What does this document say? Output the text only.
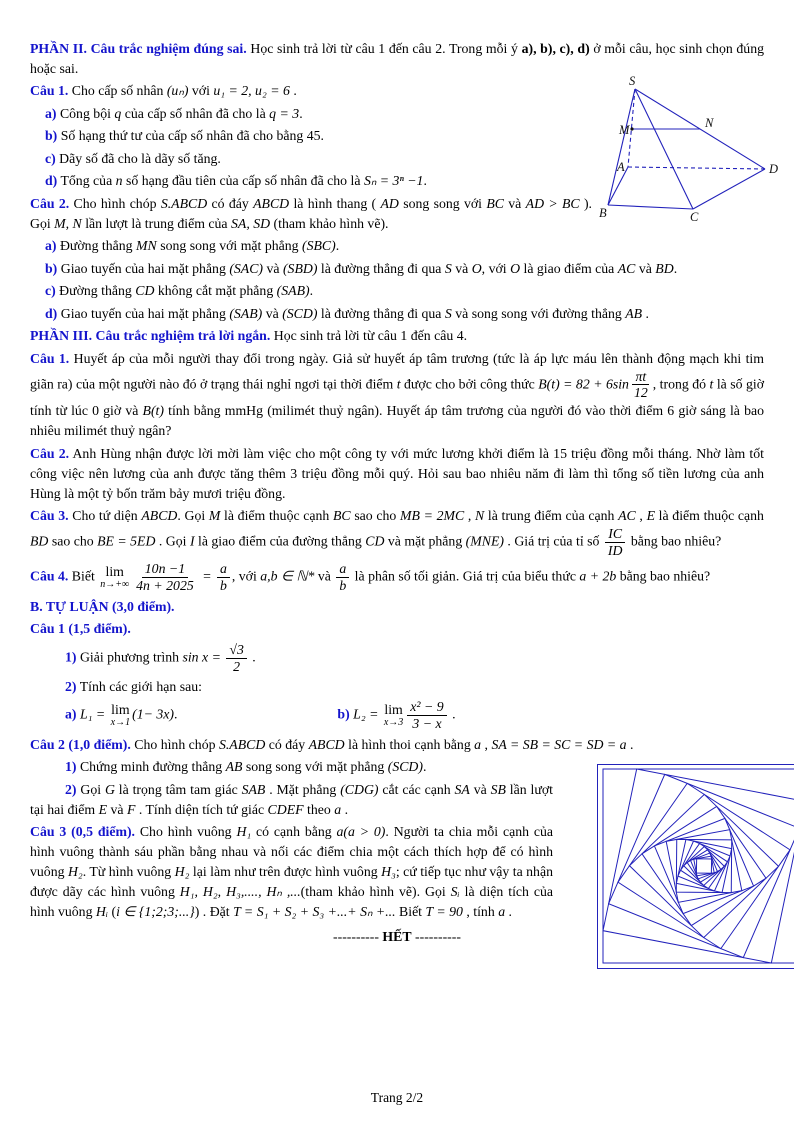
PHẦN II. Câu trắc nghiệm đúng sai. Học sinh trả lời từ câu 1 đến câu 2. Trong mỗi ý a), b), c), d) ở mỗi câu, học sinh chọn đúng hoặc sai.
Câu 1. Cho cấp số nhân (uₙ) với u₁ = 2, u₂ = 6 .
S
M	N
A
B	C
D
a) Công bội q của cấp số nhân đã cho là q = 3.
b) Số hạng thứ tư của cấp số nhân đã cho bằng 45.
c) Dãy số đã cho là dãy số tăng.
d) Tổng của n số hạng đầu tiên của cấp số nhân đã cho là Sₙ = 3ⁿ −1.
Câu 2. Cho hình chóp S.ABCD có đáy ABCD là hình thang ( AD song song với BC và AD > BC ). Gọi M, N lần lượt là trung điểm của SA, SD (tham khảo hình vẽ).
a) Đường thẳng MN song song với mặt phẳng (SBC).
b) Giao tuyến của hai mặt phẳng (SAC) và (SBD) là đường thẳng đi qua S và O, với O là giao điểm của AC và BD.
c) Đường thẳng CD không cắt mặt phẳng (SAB).
d) Giao tuyến của hai mặt phẳng (SAB) và (SCD) là đường thẳng đi qua S và song song với đường thẳng AB .
PHẦN III. Câu trắc nghiệm trả lời ngắn. Học sinh trả lời từ câu 1 đến câu 4.
Câu 1. Huyết áp của mỗi người thay đổi trong ngày. Giả sử huyết áp tâm trương (tức là áp lực máu lên thành động mạch khi tim giãn ra) của một người nào đó ở trạng thái nghỉ ngơi tại thời điểm t được cho bởi công thức $B(t) = 82 + 6\sin \frac{\pi t}{12}$ , trong đó t là số giờ tính từ lúc 0 giờ và B(t) tính bằng mmHg (milimét thuỷ ngân). Huyết áp tâm trương của người đó vào thời điểm 6 giờ sáng là bao nhiêu milimét thuỷ ngân?
Câu 2. Anh Hùng nhận được lời mời làm việc cho một công ty với mức lương khởi điểm là 15 triệu đồng mỗi tháng. Nhờ làm tốt công việc nên lương của anh được tăng thêm 3 triệu đồng mỗi quý. Hỏi sau bao nhiêu năm đi làm thì tổng số tiền lương của anh Hùng là một tỷ bốn trăm bảy mươi triệu đồng.
Câu 3. Cho tứ diện ABCD. Gọi M là điểm thuộc cạnh BC sao cho MB = 2MC , N là trung điểm của cạnh AC , E là điểm thuộc cạnh BD sao cho BE = 5ED . Gọi I là giao điểm của đường thẳng CD và mặt phẳng (MNE) . Giá trị của tỉ số $\frac{IC}{ID}$ bằng bao nhiêu?
Câu 4. Biết lim
$n\to+\infty \frac{10n -1}{4n + 2025} = \frac{a}{b}$ , với a,b ∈ ℕ* và $\frac{a}{b}$ là phân số tối giản. Giá trị của biểu thức a + 2b bằng bao nhiêu?
B. TỰ LUẬN (3,0 điểm).
Câu 1 (1,5 điểm).
1) Giải phương trình $\sin x = \frac{√3}{2}$ .
2) Tính các giới hạn sau:
a) L₁ = lim
x→1
(1− 3x).	b) L₂ = lim
$x\to 3 \frac{\text{x² − 9}}{3 - x}$ .
Câu 2 (1,0 điểm). Cho hình chóp S.ABCD có đáy ABCD là hình thoi cạnh bằng a , SA = SB = SC = SD = a .
1) Chứng minh đường thẳng AB song song với mặt phẳng (SCD).
2) Gọi G là trọng tâm tam giác SAB . Mặt phẳng (CDG) cắt các cạnh SA và SB lần lượt tại hai điểm E và F . Tính diện tích tứ giác CDEF theo a .
Câu 3 (0,5 điểm). Cho hình vuông H₁ có cạnh bằng a(a > 0). Người ta chia mỗi cạnh của hình vuông thành sáu phần bằng nhau và nối các điểm chia một cách thích hợp để có hình vuông H₂. Từ hình vuông H₂ lại làm như trên được hình vuông H₃; cứ tiếp tục như vậy ta nhận được dãy các hình vuông H₁, H₂, H₃,...., Hₙ ,...(tham khảo hình vẽ). Gọi Sᵢ là diện tích của hình vuông Hᵢ (i ∈ {1;2;3;...}) . Đặt T = S₁ + S₂ + S₃ +...+ Sₙ +... Biết T = 90 , tính a .
---------- HẾT ----------
Trang 2/2
